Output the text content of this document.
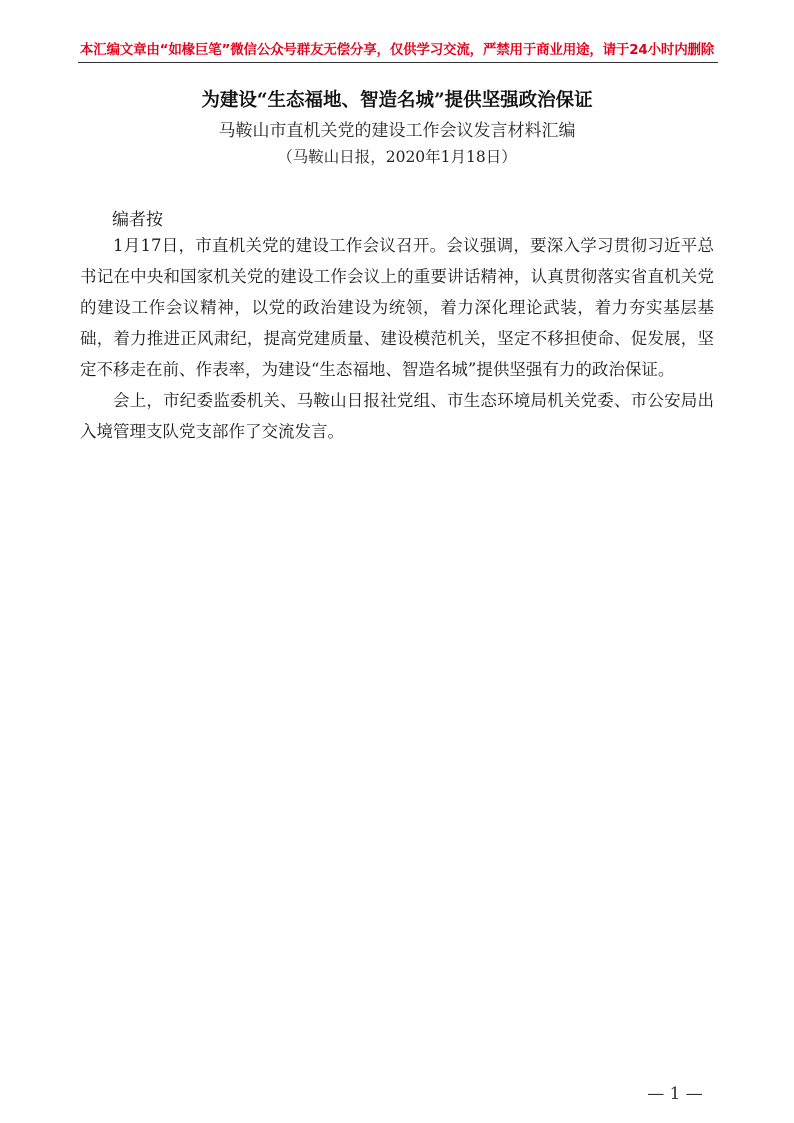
本汇编文章由“如椽巨笔”微信公众号群友无偿分享，仅供学习交流，严禁用于商业用途，请于24小时内删除
为建设“生态福地、智造名城”提供坚强政治保证
马鞍山市直机关党的建设工作会议发言材料汇编
（马鞍山日报，2020年1月18日）
编者按

1月17日，市直机关党的建设工作会议召开。会议强调，要深入学习贯彻习近平总书记在中央和国家机关党的建设工作会议上的重要讲话精神，认真贯彻落实省直机关党的建设工作会议精神，以党的政治建设为统领，着力深化理论武装，着力夯实基层基础，着力推进正风肃纪，提高党建质量、建设模范机关，坚定不移担使命、促发展，坚定不移走在前、作表率，为建设“生态福地、智造名城”提供坚强有力的政治保证。

会上，市纪委监委机关、马鞍山日报社党组、市生态环境局机关党委、市公安局出入境管理支队党支部作了交流发言。

— 1 —
